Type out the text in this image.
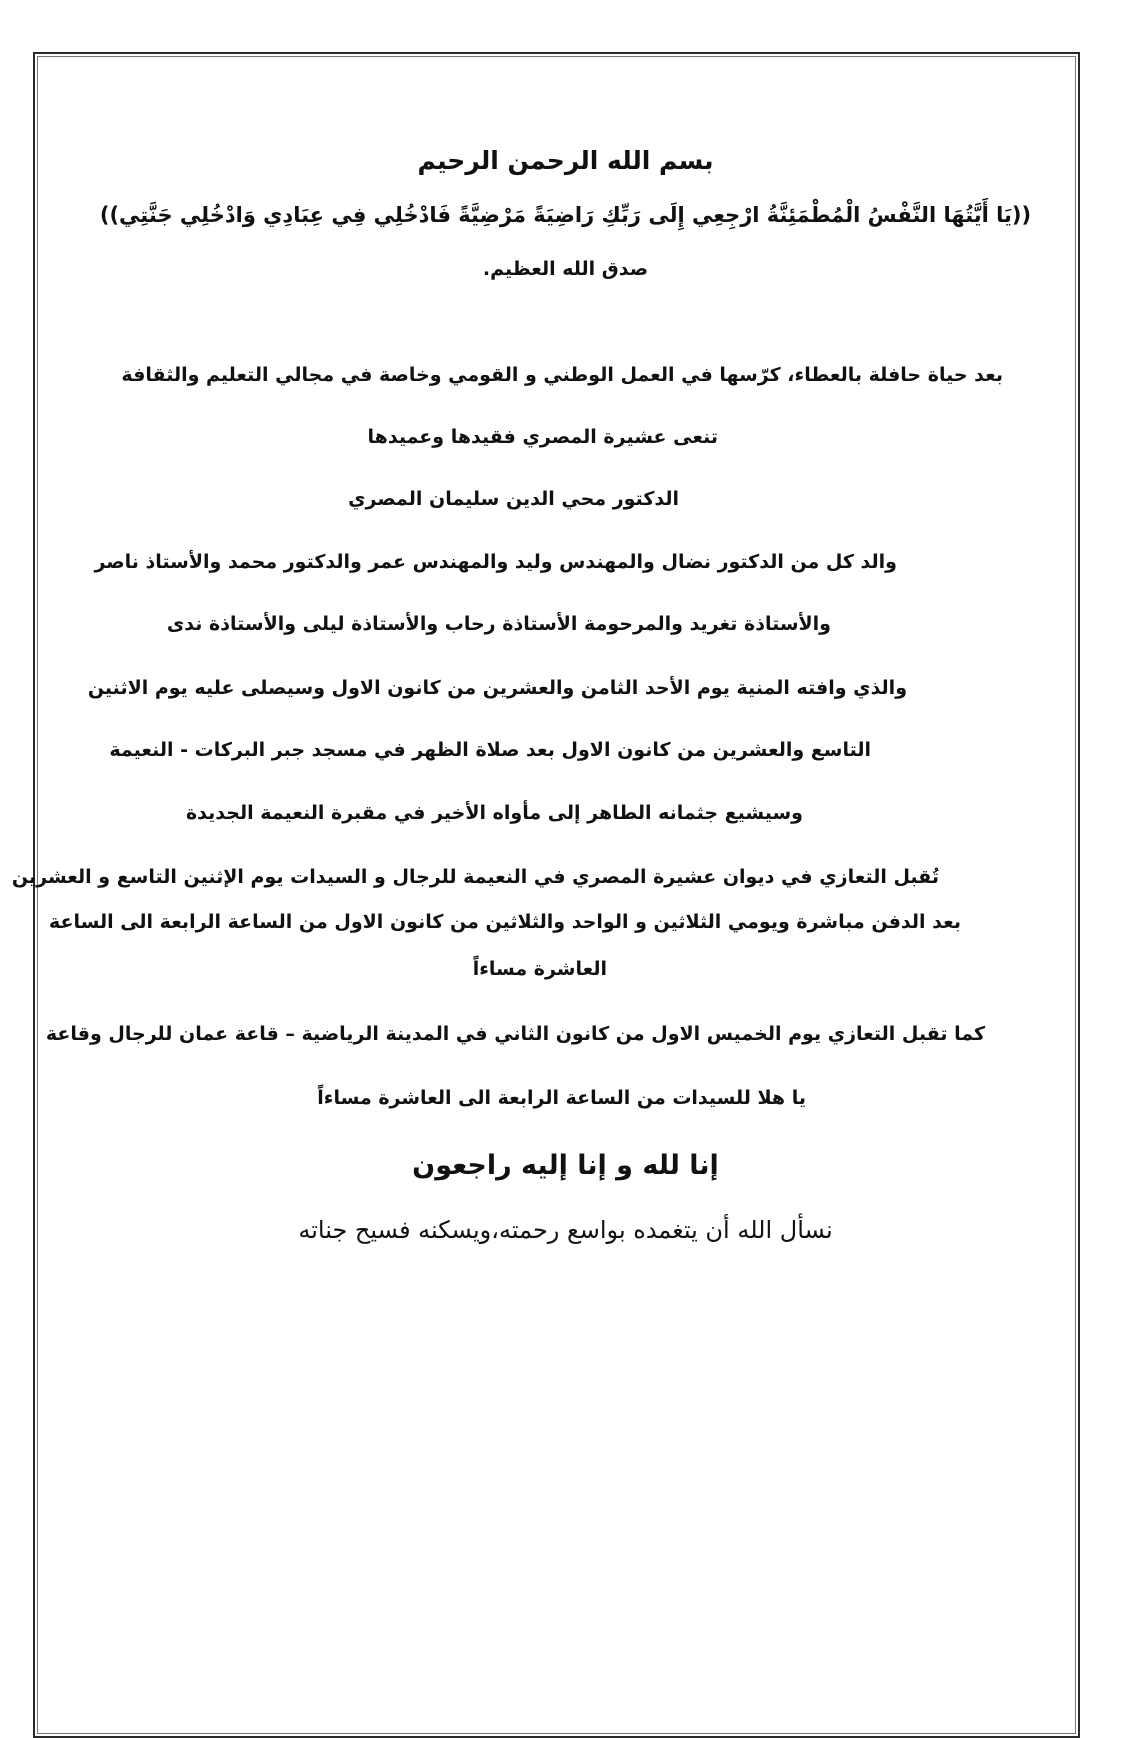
بسم الله الرحمن الرحيم

((يَا أَيَّتُهَا النَّفْسُ الْمُطْمَئِنَّةُ ارْجِعِي إِلَى رَبِّكِ رَاضِيَةً مَرْضِيَّةً فَادْخُلِي فِي عِبَادِي وَادْخُلِي جَنَّتِي))

صدق الله العظيم.

بعد حياة حافلة بالعطاء، كرّسها في العمل الوطني و القومي وخاصة في مجالي التعليم والثقافة

تنعى عشيرة المصري فقيدها وعميدها

الدكتور محي الدين سليمان المصري

والد كل من الدكتور نضال والمهندس وليد والمهندس عمر والدكتور محمد والأستاذ ناصر

والأستاذة تغريد والمرحومة الأستاذة رحاب والأستاذة ليلى والأستاذة ندى

والذي وافته المنية يوم الأحد الثامن والعشرين من كانون الاول وسيصلى عليه يوم الاثنين

التاسع والعشرين من كانون الاول بعد صلاة الظهر في مسجد جبر البركات - النعيمة

وسيشيع جثمانه الطاهر إلى مأواه الأخير في مقبرة النعيمة الجديدة

تُقبل التعازي في ديوان عشيرة المصري في النعيمة للرجال و السيدات يوم الإثنين التاسع و العشرين

بعد الدفن مباشرة ويومي الثلاثين و الواحد والثلاثين من كانون الاول من الساعة الرابعة الى الساعة

العاشرة مساءاً

كما تقبل التعازي يوم الخميس الاول من كانون الثاني في المدينة الرياضية – قاعة عمان للرجال وقاعة

يا هلا للسيدات من الساعة الرابعة الى العاشرة مساءاً

إنا لله و إنا إليه راجعون

نسأل الله أن يتغمده بواسع رحمته،ويسكنه فسيح جناته
